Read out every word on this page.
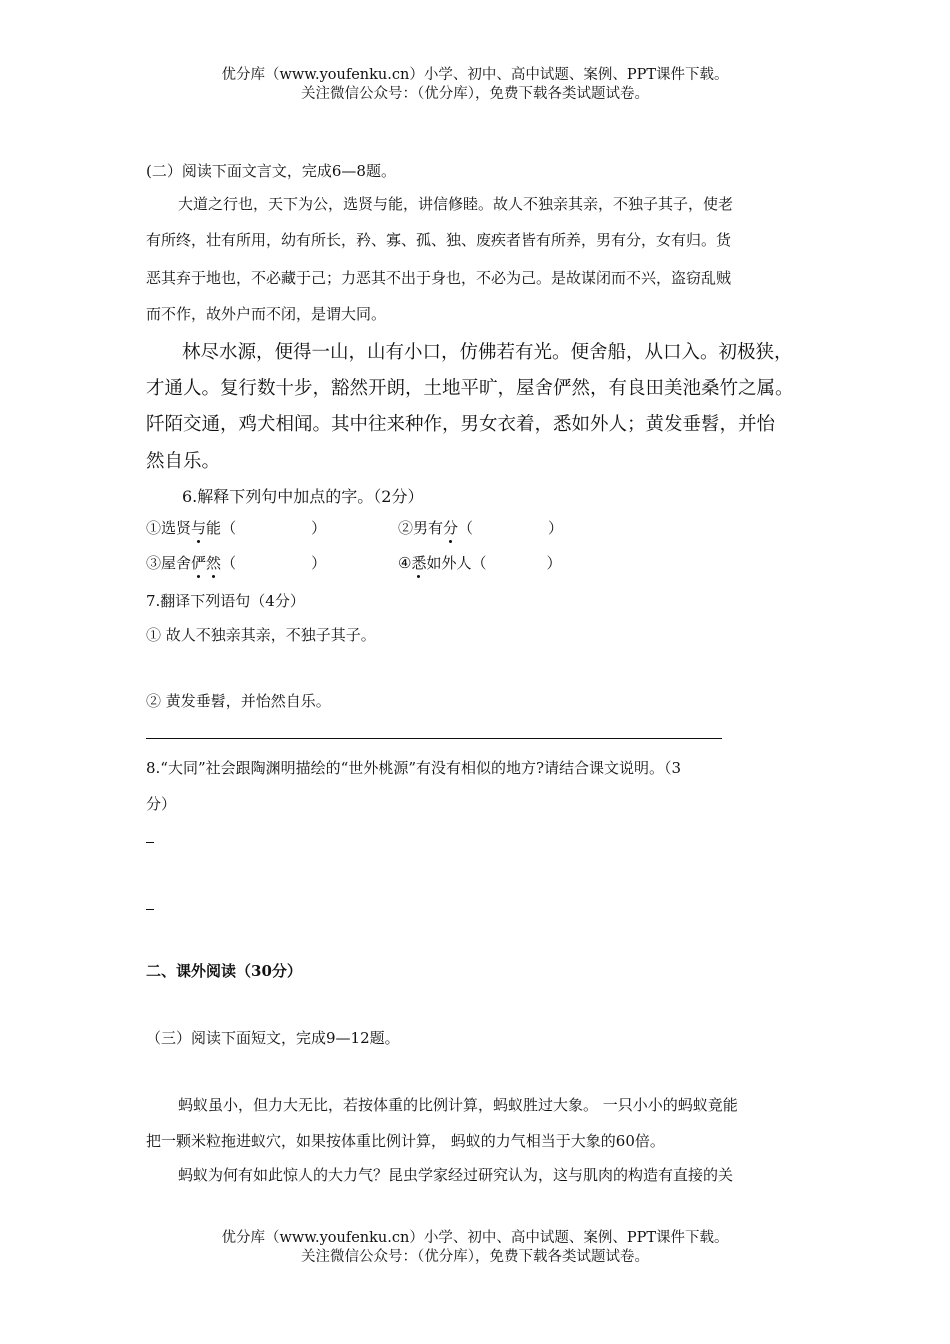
优分库（www.youfenku.cn）小学、初中、高中试题、案例、PPT课件下载。
关注微信公众号：（优分库），免费下载各类试题试卷。
(二）阅读下面文言文，完成6—8题。
大道之行也，天下为公，选贤与能，讲信修睦。故人不独亲其亲，不独子其子，使老
有所终，壮有所用，幼有所长，矜、寡、孤、独、废疾者皆有所养，男有分，女有归。货
恶其弃于地也，不必藏于己；力恶其不出于身也，不必为己。是故谋闭而不兴，盗窃乱贼
而不作，故外户而不闭，是谓大同。
林尽水源，便得一山，山有小口，仿佛若有光。便舍船，从口入。初极狭，
才通人。复行数十步，豁然开朗，土地平旷，屋舍俨然，有良田美池桑竹之属。
阡陌交通，鸡犬相闻。其中往来种作，男女衣着，悉如外人；黄发垂髫，并怡
然自乐。
6.解释下列句中加点的字。（2分）
①选贤与能（　　　　　）	②男有分（　　　　　）
③屋舍俨然（　　　　　）	④悉如外人（　　　　）
7.翻译下列语句（4分）
① 故人不独亲其亲，不独子其子。
② 黄发垂髫，并怡然自乐。
8.“大同”社会跟陶渊明描绘的“世外桃源”有没有相似的地方?请结合课文说明。（3
分）
二、课外阅读（30分）
（三）阅读下面短文，完成9—12题。
蚂蚁虽小，但力大无比，若按体重的比例计算，蚂蚁胜过大象。 一只小小的蚂蚁竟能
把一颗米粒拖进蚁穴，如果按体重比例计算， 蚂蚁的力气相当于大象的60倍。
蚂蚁为何有如此惊人的大力气？昆虫学家经过研究认为，这与肌肉的构造有直接的关
优分库（www.youfenku.cn）小学、初中、高中试题、案例、PPT课件下载。
关注微信公众号：（优分库），免费下载各类试题试卷。
